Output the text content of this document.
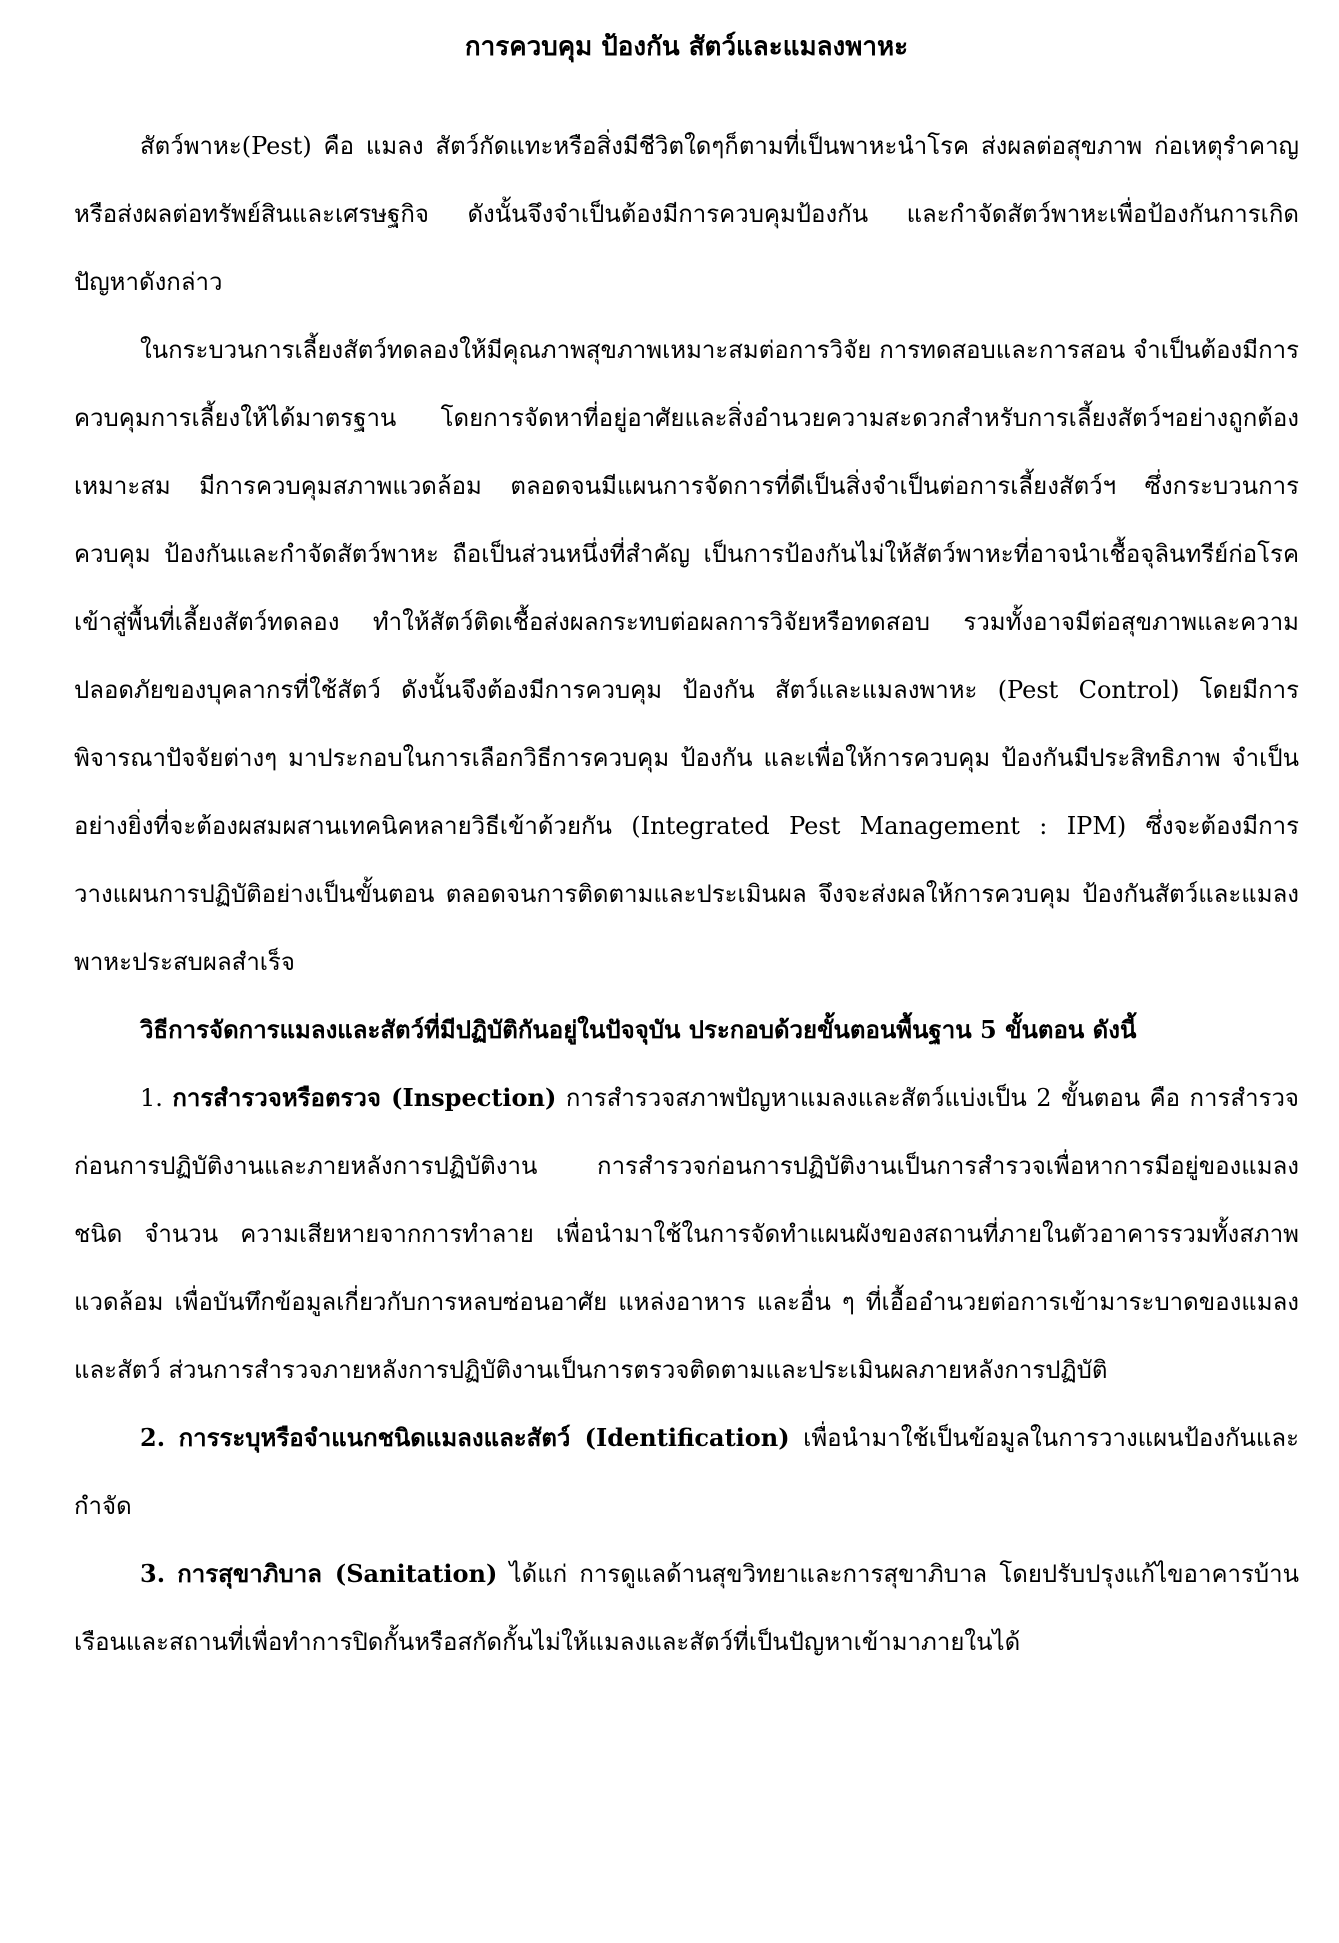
การควบคุม ป้องกัน สัตว์และแมลงพาหะ

สัตว์พาหะ(Pest) คือ แมลง สัตว์กัดแทะหรือสิ่งมีชีวิตใดๆก็ตามที่เป็นพาหะนำโรค ส่งผลต่อสุขภาพ ก่อเหตุรำคาญ หรือส่งผลต่อทรัพย์สินและเศรษฐกิจ ดังนั้นจึงจำเป็นต้องมีการควบคุมป้องกัน และกำจัดสัตว์พาหะเพื่อป้องกันการเกิดปัญหาดังกล่าว

ในกระบวนการเลี้ยงสัตว์ทดลองให้มีคุณภาพสุขภาพเหมาะสมต่อการวิจัย การทดสอบและการสอน จำเป็นต้องมีการควบคุมการเลี้ยงให้ได้มาตรฐาน โดยการจัดหาที่อยู่อาศัยและสิ่งอำนวยความสะดวกสำหรับการเลี้ยงสัตว์ฯอย่างถูกต้องเหมาะสม มีการควบคุมสภาพแวดล้อม ตลอดจนมีแผนการจัดการที่ดีเป็นสิ่งจำเป็นต่อการเลี้ยงสัตว์ฯ ซึ่งกระบวนการควบคุม ป้องกันและกำจัดสัตว์พาหะ ถือเป็นส่วนหนึ่งที่สำคัญ เป็นการป้องกันไม่ให้สัตว์พาหะที่อาจนำเชื้อจุลินทรีย์ก่อโรค เข้าสู่พื้นที่เลี้ยงสัตว์ทดลอง ทำให้สัตว์ติดเชื้อส่งผลกระทบต่อผลการวิจัยหรือทดสอบ รวมทั้งอาจมีต่อสุขภาพและความปลอดภัยของบุคลากรที่ใช้สัตว์ ดังนั้นจึงต้องมีการควบคุม ป้องกัน สัตว์และแมลงพาหะ (Pest Control) โดยมีการพิจารณาปัจจัยต่างๆ มาประกอบในการเลือกวิธีการควบคุม ป้องกัน และเพื่อให้การควบคุม ป้องกันมีประสิทธิภาพ จำเป็นอย่างยิ่งที่จะต้องผสมผสานเทคนิคหลายวิธีเข้าด้วยกัน (Integrated Pest Management : IPM) ซึ่งจะต้องมีการวางแผนการปฏิบัติอย่างเป็นขั้นตอน ตลอดจนการติดตามและประเมินผล จึงจะส่งผลให้การควบคุม ป้องกันสัตว์และแมลงพาหะประสบผลสำเร็จ

วิธีการจัดการแมลงและสัตว์ที่มีปฏิบัติกันอยู่ในปัจจุบัน ประกอบด้วยขั้นตอนพื้นฐาน 5 ขั้นตอน ดังนี้

1. การสำรวจหรือตรวจ (Inspection) การสำรวจสภาพปัญหาแมลงและสัตว์แบ่งเป็น 2 ขั้นตอน คือ การสำรวจก่อนการปฏิบัติงานและภายหลังการปฏิบัติงาน การสำรวจก่อนการปฏิบัติงานเป็นการสำรวจเพื่อหาการมีอยู่ของแมลง ชนิด จำนวน ความเสียหายจากการทำลาย เพื่อนำมาใช้ในการจัดทำแผนผังของสถานที่ภายในตัวอาคารรวมทั้งสภาพแวดล้อม เพื่อบันทึกข้อมูลเกี่ยวกับการหลบซ่อนอาศัย แหล่งอาหาร และอื่น ๆ ที่เอื้ออำนวยต่อการเข้ามาระบาดของแมลงและสัตว์ ส่วนการสำรวจภายหลังการปฏิบัติงานเป็นการตรวจติดตามและประเมินผลภายหลังการปฏิบัติ

2. การระบุหรือจำแนกชนิดแมลงและสัตว์ (Identification) เพื่อนำมาใช้เป็นข้อมูลในการวางแผนป้องกันและกำจัด

3. การสุขาภิบาล (Sanitation) ได้แก่ การดูแลด้านสุขวิทยาและการสุขาภิบาล โดยปรับปรุงแก้ไขอาคารบ้านเรือนและสถานที่เพื่อทำการปิดกั้นหรือสกัดกั้นไม่ให้แมลงและสัตว์ที่เป็นปัญหาเข้ามาภายในได้
